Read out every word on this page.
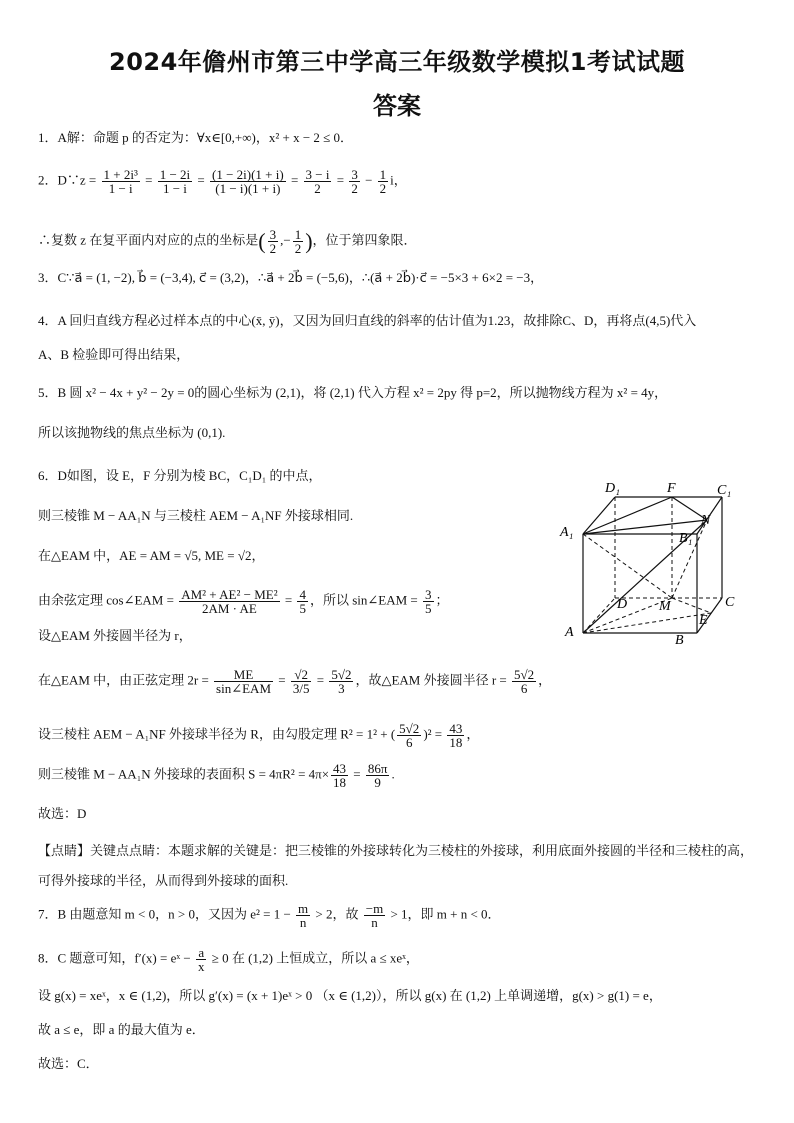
2024年儋州市第三中学高三年级数学模拟1考试试题
答案
1．A解：命题 p 的否定为：∀x∈[0,+∞)，x² + x − 2 ≤ 0．
2．D∵z = $\frac{\text{1 + 2i³}}{1 - i} = \frac{1 - 2i}{1 - i} = \frac{(1 - 2i)(1 + i)}{(1 - i)(1 + i)} = \frac{3 - i}{2} = \frac{3}{2} - \frac{1}{2}$ i，
∴复数 z 在复平面内对应的点的坐标是( $\frac{3}{2}$ ,− $\frac{1}{2}$ )，位于第四象限．
3．C∵a⃗ = (1, −2), b⃗ = (−3,4), c⃗ = (3,2)，∴a⃗ + 2b⃗ = (−5,6)，∴(a⃗ + 2b⃗)·c⃗ = −5×3 + 6×2 = −3，
4．A 回归直线方程必过样本点的中心(x̄, ȳ)，又因为回归直线的斜率的估计值为1.23，故排除C、D，再将点(4,5)代入
A、B 检验即可得出结果，
5．B 圆 x² − 4x + y² − 2y = 0的圆心坐标为 (2,1)，将 (2,1) 代入方程 x² = 2py 得 p=2，所以抛物线方程为 x² = 4y，
所以该抛物线的焦点坐标为 (0,1).
6．D如图，设 E，F 分别为棱 BC，C₁D₁ 的中点，
则三棱锥 M − AA₁N 与三棱柱 AEM − A₁NF 外接球相同.
在△EAM 中，AE = AM = √5, ME = √2，
由余弦定理 cos∠EAM = $\frac{\text{AM² + AE² − ME²}}{2AM \cdot AE} = \frac{4}{5}$ ，所以 sin∠EAM = $\frac{3}{5}$ ；
设△EAM 外接圆半径为 r，
在△EAM 中，由正弦定理 $2r = \frac{ME}{\text{sin∠EAM}} = \frac{√2}{3/5} = \frac{5√2}{3}$ ，故△EAM 外接圆半径 $r = \frac{5√2}{6}$ ，
设三棱柱 AEM − A₁NF 外接球半径为 R，由勾股定理 R² = 1² + ( $\frac{5√2}{6} )^2 = \frac{43}{18}$ ，
则三棱锥 M − AA₁N 外接球的表面积 $S = 4\pi R^2 = 4\pi\times \frac{43}{18} = \frac{86\pi}{9}$ .
故选：D
【点睛】关键点点睛：本题求解的关键是：把三棱锥的外接球转化为三棱柱的外接球，利用底面外接圆的半径和三棱柱的高，可得外接球的半径，从而得到外接球的面积.
7．B 由题意知 m < 0，n > 0，又因为 $e^2 = 1 - \frac{m}{n} > 2$，故 $\frac{-m}{n} > 1$，即 m + n < 0．
8．C 题意可知，f′(x) = eˣ − $\frac{a}{x} \ge 0$ 在 (1,2) 上恒成立，所以 a ≤ xeˣ，
设 g(x) = xeˣ，x ∈ (1,2)，所以 g′(x) = (x + 1)eˣ > 0 （x ∈ (1,2)），所以 g(x) 在 (1,2) 上单调递增，g(x) > g(1) = e，
故 a ≤ e，即 a 的最大值为 e．
故选：C．
D₁	F	C₁
A₁
N
B₁
D M	C
A
E
B
